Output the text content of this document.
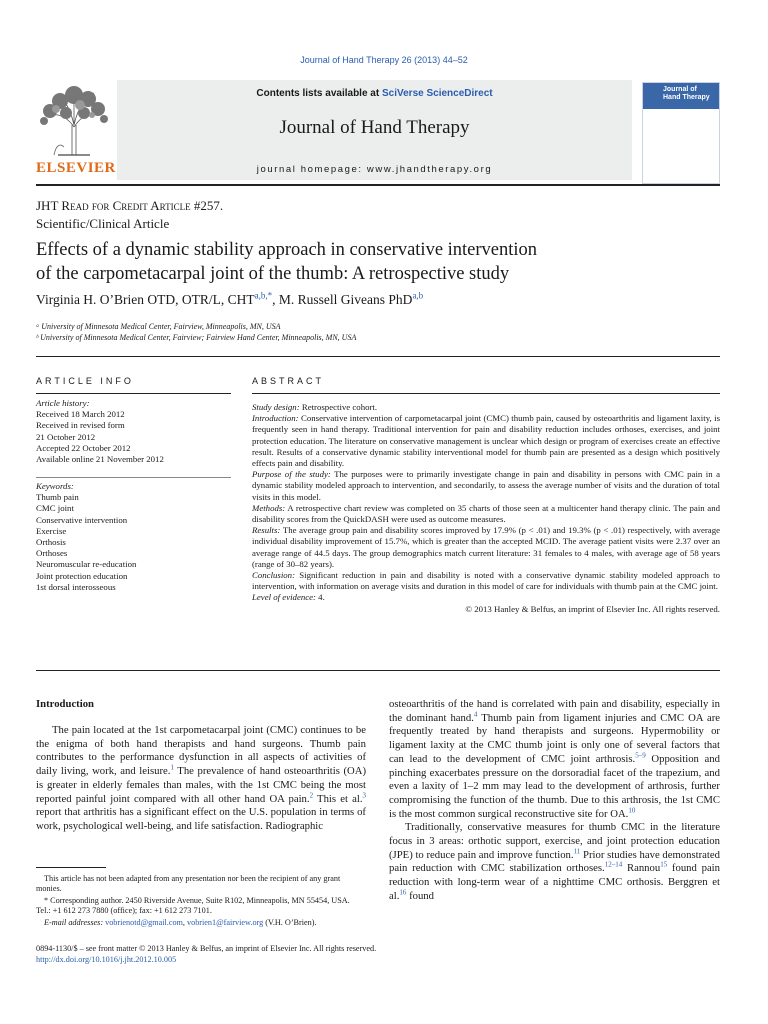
Journal of Hand Therapy 26 (2013) 44–52
Contents lists available at SciVerse ScienceDirect
Journal of Hand Therapy
journal homepage: www.jhandtherapy.org
ELSEVIER
Journal of
Hand Therapy
JHT Read for Credit Article #257.
Scientific/Clinical Article
Effects of a dynamic stability approach in conservative intervention
of the carpometacarpal joint of the thumb: A retrospective study
Virginia H. O’Brien OTD, OTR/L, $CHT^{a,b,*}$, M. Russell Giveans PhD$^{a,b}$
ᵃ University of Minnesota Medical Center, Fairview, Minneapolis, MN, USA
ᵇ University of Minnesota Medical Center, Fairview; Fairview Hand Center, Minneapolis, MN, USA
ARTICLE INFO
Article history:
Received 18 March 2012
Received in revised form
21 October 2012
Accepted 22 October 2012
Available online 21 November 2012
Keywords:
Thumb pain
CMC joint
Conservative intervention
Exercise
Orthosis
Orthoses
Neuromuscular re-education
Joint protection education
1st dorsal interosseous
ABSTRACT

Study design: Retrospective cohort.

Introduction: Conservative intervention of carpometacarpal joint (CMC) thumb pain, caused by osteoarthritis and ligament laxity, is frequently seen in hand therapy. Traditional intervention for pain and disability reduction includes orthoses, exercises, and joint protection education. The literature on conservative management is unclear which design or program of exercises create an effective result. Results of a conservative dynamic stability interventional model for thumb pain are presented as a design which positively effects pain and disability.

Purpose of the study: The purposes were to primarily investigate change in pain and disability in persons with CMC pain in a dynamic stability modeled approach to intervention, and secondarily, to assess the average number of visits and the duration of total visits in this model.

Methods: A retrospective chart review was completed on 35 charts of those seen at a multicenter hand therapy clinic. The pain and disability scores from the QuickDASH were used as outcome measures.

Results: The average group pain and disability scores improved by 17.9% (p < .01) and 19.3% (p < .01) respectively, with average individual disability improvement of 15.7%, which is greater than the accepted MCID. The average patient visits were 2.37 over an average range of 44.5 days. The group demographics match current literature: 31 females to 4 males, with average age of 58 years (range of 30–82 years).

Conclusion: Significant reduction in pain and disability is noted with a conservative dynamic stability modeled approach to intervention, with information on average visits and duration in this model of care for individuals with thumb pain at the CMC joint.

Level of evidence: 4.

© 2013 Hanley & Belfus, an imprint of Elsevier Inc. All rights reserved.

Introduction

The pain located at the 1st carpometacarpal joint (CMC) continues to be the enigma of both hand therapists and hand surgeons. Thumb pain contributes to the performance dysfunction in all aspects of activities of daily living, work, and leisure.$^1$ The prevalence of hand osteoarthritis (OA) is greater in elderly females than males, with the 1st CMC being the most reported painful joint compared with all other hand OA pain.$^2$ This et al.$^3$ report that arthritis has a significant effect on the U.S. population in terms of work, psychological well-being, and life satisfaction. Radiographic

This article has not been adapted from any presentation nor been the recipient of any grant monies.
* Corresponding author. 2450 Riverside Avenue, Suite R102, Minneapolis, MN 55454, USA. Tel.: +1 612 273 7880 (office); fax: +1 612 273 7101.
E-mail addresses: vobrienotd@gmail.com, vobrien1@fairview.org (V.H. O’Brien).

osteoarthritis of the hand is correlated with pain and disability, especially in the dominant hand.$^4$ Thumb pain from ligament injuries and CMC OA are frequently treated by hand therapists and surgeons. Hypermobility or ligament laxity at the CMC thumb joint is only one of several factors that can lead to the development of CMC joint arthrosis.$^{5-9}$ Opposition and pinching exacerbates pressure on the dorsoradial facet of the trapezium, and even a laxity of 1–2 mm may lead to the development of arthrosis, further compromising the function of the thumb. Due to this arthrosis, the 1st CMC is the most common surgical reconstructive site for OA.$^{10}$

Traditionally, conservative measures for thumb CMC in the literature focus in 3 areas: orthotic support, exercise, and joint protection education (JPE) to reduce pain and improve function.$^{11}$ Prior studies have demonstrated pain reduction with CMC stabilization orthoses.$^{12-14}$ Rannou$^{15}$ found pain reduction with long-term wear of a nighttime CMC orthosis. Berggren et al.$^{16}$ found

0894-1130/$ – see front matter © 2013 Hanley & Belfus, an imprint of Elsevier Inc. All rights reserved.
http://dx.doi.org/10.1016/j.jht.2012.10.005
